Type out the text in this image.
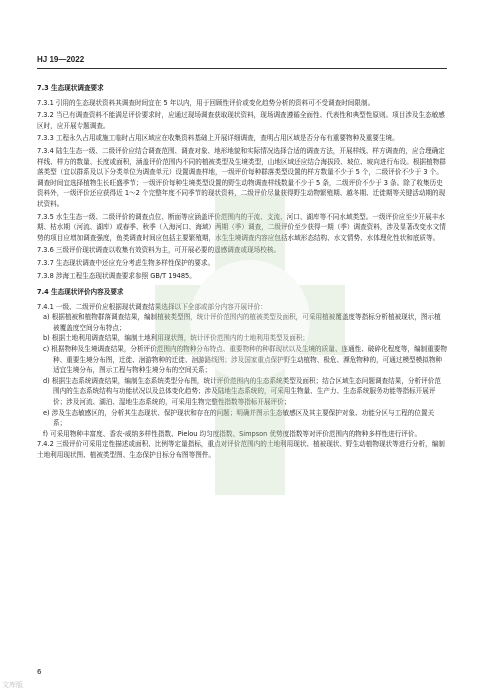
HJ 19—2022
7.3 生态现状调查要求

7.3.1 引用的生态现状资料其调查时间宜在 5 年以内，用于回顾性评价或变化趋势分析的资料可不受调查时间限制。

7.3.2 当已有调查资料不能满足评价要求时，应通过现场调查获取现状资料，现场调查遵循全面性、代表性和典型性原则。项目涉及生态敏感区时，应开展专题调查。

7.3.3 工程永久占用或施工临时占用区域应在收集资料基础上开展详细调查，查明占用区域是否分布有重要物种及重要生境。

7.3.4 陆生生态一级、二级评价应结合调查范围、调查对象、地形地貌和实际情况选择合适的调查方法，开展样线、样方调查的，应合理确定样线、样方的数量、长度或面积，涵盖评价范围内不同的植被类型及生境类型，山地区域还应结合海拔段、坡位、坡向进行布设。根据植物群落类型（宜以群系及以下分类单位为调查单元）设置调查样地，一级评价每种群落类型设置的样方数量不少于 5 个，二级评价不少于 3 个。调查时间宜选择植物生长旺盛季节；一级评价每种生境类型设置的野生动物调查样线数量不少于 5 条，二级评价不少于 3 条。除了收集历史资料外，一级评价还应获得近 1～2 个完整年度不同季节的现状资料，二级评价尽量获得野生动物繁殖期、越冬期、迁徙期等关键活动期的现状资料。

7.3.5 水生生态一级、二级评价的调查点位、断面等应涵盖评价范围内的干流、支流、河口、湖库等不同水域类型。一级评价应至少开展丰水期、枯水期（河流、湖库）或春季、秋季（入海河口、海域）两期（季）调查，二级评价至少获得一期（季）调查资料，涉及显著改变水文情势的项目应增加调查强度，鱼类调查时间应包括主要繁殖期，水生生境调查内容应包括水域形态结构、水文情势、水体理化性状和底质等。

7.3.6 三级评价现状调查以收集有效资料为主，可开展必要的遥感调查或现场校核。

7.3.7 生态现状调查中还应充分考虑生物多样性保护的要求。

7.3.8 涉海工程生态现状调查要求参照 GB/T 19485。

7.4 生态现状评价内容及要求

7.4.1 一级、二级评价应根据现状调查结果选择以下全部或部分内容开展评价：

a) 根据植被和植物群落调查结果，编制植被类型图，统计评价范围内的植被类型及面积，可采用植被覆盖度等指标分析植被现状，图示植被覆盖度空间分布特点；
b) 根据土地利用调查结果，编制土地利用现状图，统计评价范围内的土地利用类型及面积；
c) 根据物种及生境调查结果，分析评价范围内的物种分布特点、重要物种的种群现状以及生境的质量、连通性、破碎化程度等，编制重要物种、重要生境分布图，迁徙、洄游物种的迁徙、洄游路线图；涉及国家重点保护野生动植物、极危、濒危物种的，可通过模型模拟物种适宜生境分布，图示工程与物种生境分布的空间关系；
d) 根据生态系统调查结果，编制生态系统类型分布图，统计评价范围内的生态系统类型及面积；结合区域生态问题调查结果，分析评价范围内的生态系统结构与功能状况以及总体变化趋势；涉及陆地生态系统的，可采用生物量、生产力、生态系统服务功能等指标开展评价；涉及河流、湖泊、湿地生态系统的，可采用生物完整性指数等指标开展评价；
e) 涉及生态敏感区的，分析其生态现状、保护现状和存在的问题；明确并图示生态敏感区及其主要保护对象、功能分区与工程的位置关系；
f) 可采用物种丰富度、香农-威纳多样性指数、Pielou 均匀度指数、Simpson 优势度指数等对评价范围内的物种多样性进行评价。

7.4.2 三级评价可采用定性描述或面积、比例等定量指标，重点对评价范围内的土地利用现状、植被现状、野生动植物现状等进行分析，编制土地利用现状图、植被类型图、生态保护目标分布图等图件。

6
文库版
